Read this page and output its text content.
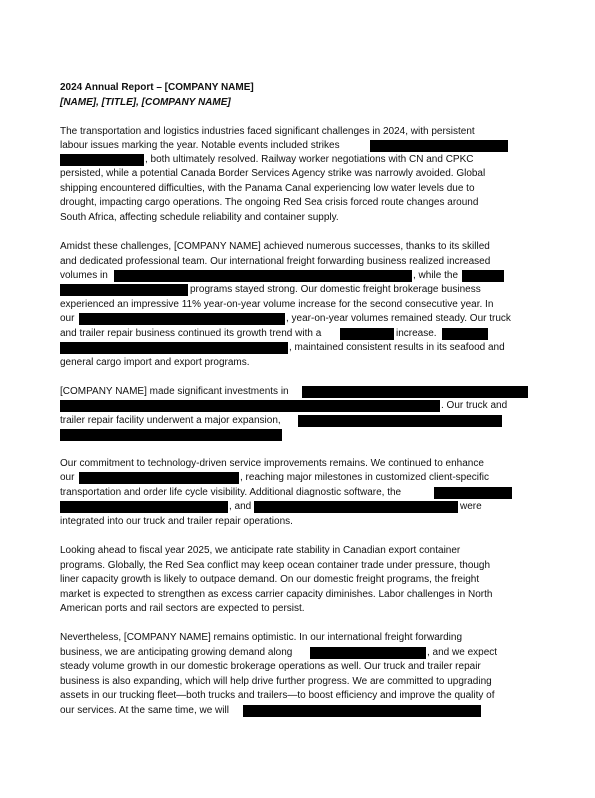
2024 Annual Report – [COMPANY NAME]
[NAME], [TITLE], [COMPANY NAME]
The transportation and logistics industries faced significant challenges in 2024, with persistent
labour issues marking the year. Notable events included strikes
, both ultimately resolved. Railway worker negotiations with CN and CPKC
persisted, while a potential Canada Border Services Agency strike was narrowly avoided. Global
shipping encountered difficulties, with the Panama Canal experiencing low water levels due to
drought, impacting cargo operations. The ongoing Red Sea crisis forced route changes around
South Africa, affecting schedule reliability and container supply.
Amidst these challenges, [COMPANY NAME] achieved numerous successes, thanks to its skilled
and dedicated professional team. Our international freight forwarding business realized increased
volumes in	, while the
programs stayed strong. Our domestic freight brokerage business
experienced an impressive 11% year-on-year volume increase for the second consecutive year. In
our	, year-on-year volumes remained steady. Our truck
and trailer repair business continued its growth trend with a	increase.
, maintained consistent results in its seafood and
general cargo import and export programs.
[COMPANY NAME] made significant investments in
. Our truck and
trailer repair facility underwent a major expansion,
Our commitment to technology-driven service improvements remains. We continued to enhance
our	, reaching major milestones in customized client-specific
transportation and order life cycle visibility. Additional diagnostic software, the
, and	were
integrated into our truck and trailer repair operations.
Looking ahead to fiscal year 2025, we anticipate rate stability in Canadian export container
programs. Globally, the Red Sea conflict may keep ocean container trade under pressure, though
liner capacity growth is likely to outpace demand. On our domestic freight programs, the freight
market is expected to strengthen as excess carrier capacity diminishes. Labor challenges in North
American ports and rail sectors are expected to persist.
Nevertheless, [COMPANY NAME] remains optimistic. In our international freight forwarding
business, we are anticipating growing demand along	, and we expect
steady volume growth in our domestic brokerage operations as well. Our truck and trailer repair
business is also expanding, which will help drive further progress. We are committed to upgrading
assets in our trucking fleet—both trucks and trailers—to boost efficiency and improve the quality of
our services. At the same time, we will
